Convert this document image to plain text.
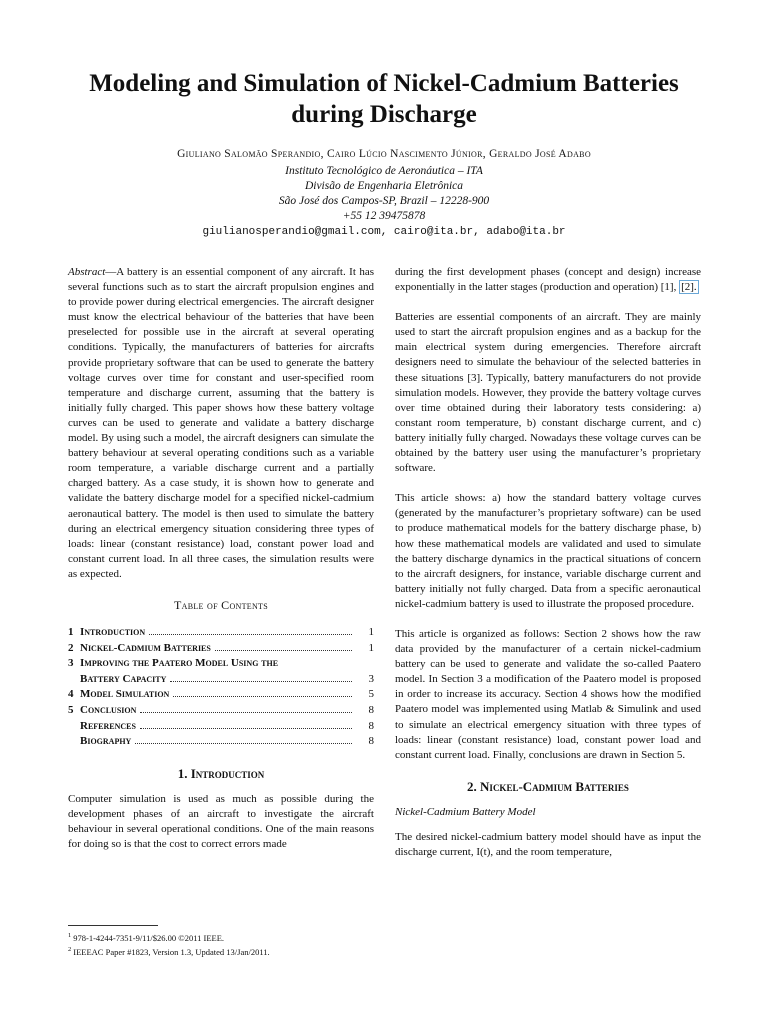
Modeling and Simulation of Nickel-Cadmium Batteries
during Discharge
Giuliano Salomão Sperandio, Cairo Lúcio Nascimento Júnior, Geraldo José Adabo
Instituto Tecnológico de Aeronáutica – ITA
Divisão de Engenharia Eletrônica
São José dos Campos-SP, Brazil – 12228-900
+55 12 39475878
giulianosperandio@gmail.com, cairo@ita.br, adabo@ita.br

Abstract—A battery is an essential component of any aircraft. It has several functions such as to start the aircraft propulsion engines and to provide power during electrical emergencies. The aircraft designer must know the electrical behaviour of the batteries that have been preselected for possible use in the aircraft at several operating conditions. Typically, the manufacturers of batteries for aircrafts provide proprietary software that can be used to generate the battery voltage curves over time for constant and user-specified room temperature and discharge current, assuming that the battery is initially fully charged. This paper shows how these battery voltage curves can be used to generate and validate a battery discharge model. By using such a model, the aircraft designers can simulate the battery behaviour at several operating conditions such as a variable room temperature, a variable discharge current and a partially charged battery. As a case study, it is shown how to generate and validate the battery discharge model for a specified nickel-cadmium aeronautical battery. The model is then used to simulate the battery during an electrical emergency situation considering three types of loads: linear (constant resistance) load, constant power load and constant current load. In all three cases, the simulation results were as expected.

Table of Contents
1 Introduction	1
2 Nickel-Cadmium Batteries	1
3 Improving the Paatero Model Using the
Battery Capacity	3
4 Model Simulation	5
5 Conclusion	8
References	8
Biography	8
1. Introduction

Computer simulation is used as much as possible during the development phases of an aircraft to investigate the aircraft behaviour in several operational conditions. One of the main reasons for doing so is that the cost to correct errors made

$^1$ 978-1-4244-7351-9/11/$26.00 ©2011 IEEE.
$^2$ IEEEAC Paper #1823, Version 1.3, Updated 13/Jan/2011.

during the first development phases (concept and design) increase exponentially in the latter stages (production and operation) [1], [2].

Batteries are essential components of an aircraft. They are mainly used to start the aircraft propulsion engines and as a backup for the main electrical system during emergencies. Therefore aircraft designers need to simulate the behaviour of the selected batteries in these situations [3]. Typically, battery manufacturers do not provide simulation models. However, they provide the battery voltage curves over time obtained during their laboratory tests considering: a) constant room temperature, b) constant discharge current, and c) battery initially fully charged. Nowadays these voltage curves can be obtained by the battery user using the manufacturer’s proprietary software.

This article shows: a) how the standard battery voltage curves (generated by the manufacturer’s proprietary software) can be used to produce mathematical models for the battery discharge phase, b) how these mathematical models are validated and used to simulate the battery discharge dynamics in the practical situations of concern to the aircraft designers, for instance, variable discharge current and battery initially not fully charged. Data from a specific aeronautical nickel-cadmium battery is used to illustrate the proposed procedure.

This article is organized as follows: Section 2 shows how the raw data provided by the manufacturer of a certain nickel-cadmium battery can be used to generate and validate the so-called Paatero model. In Section 3 a modification of the Paatero model is proposed in order to increase its accuracy. Section 4 shows how the modified Paatero model was implemented using Matlab & Simulink and used to simulate an electrical emergency situation with three types of loads: linear (constant resistance) load, constant power load and constant current load. Finally, conclusions are drawn in Section 5.

2. Nickel-Cadmium Batteries
Nickel-Cadmium Battery Model

The desired nickel-cadmium battery model should have as input the discharge current, I(t), and the room temperature,
